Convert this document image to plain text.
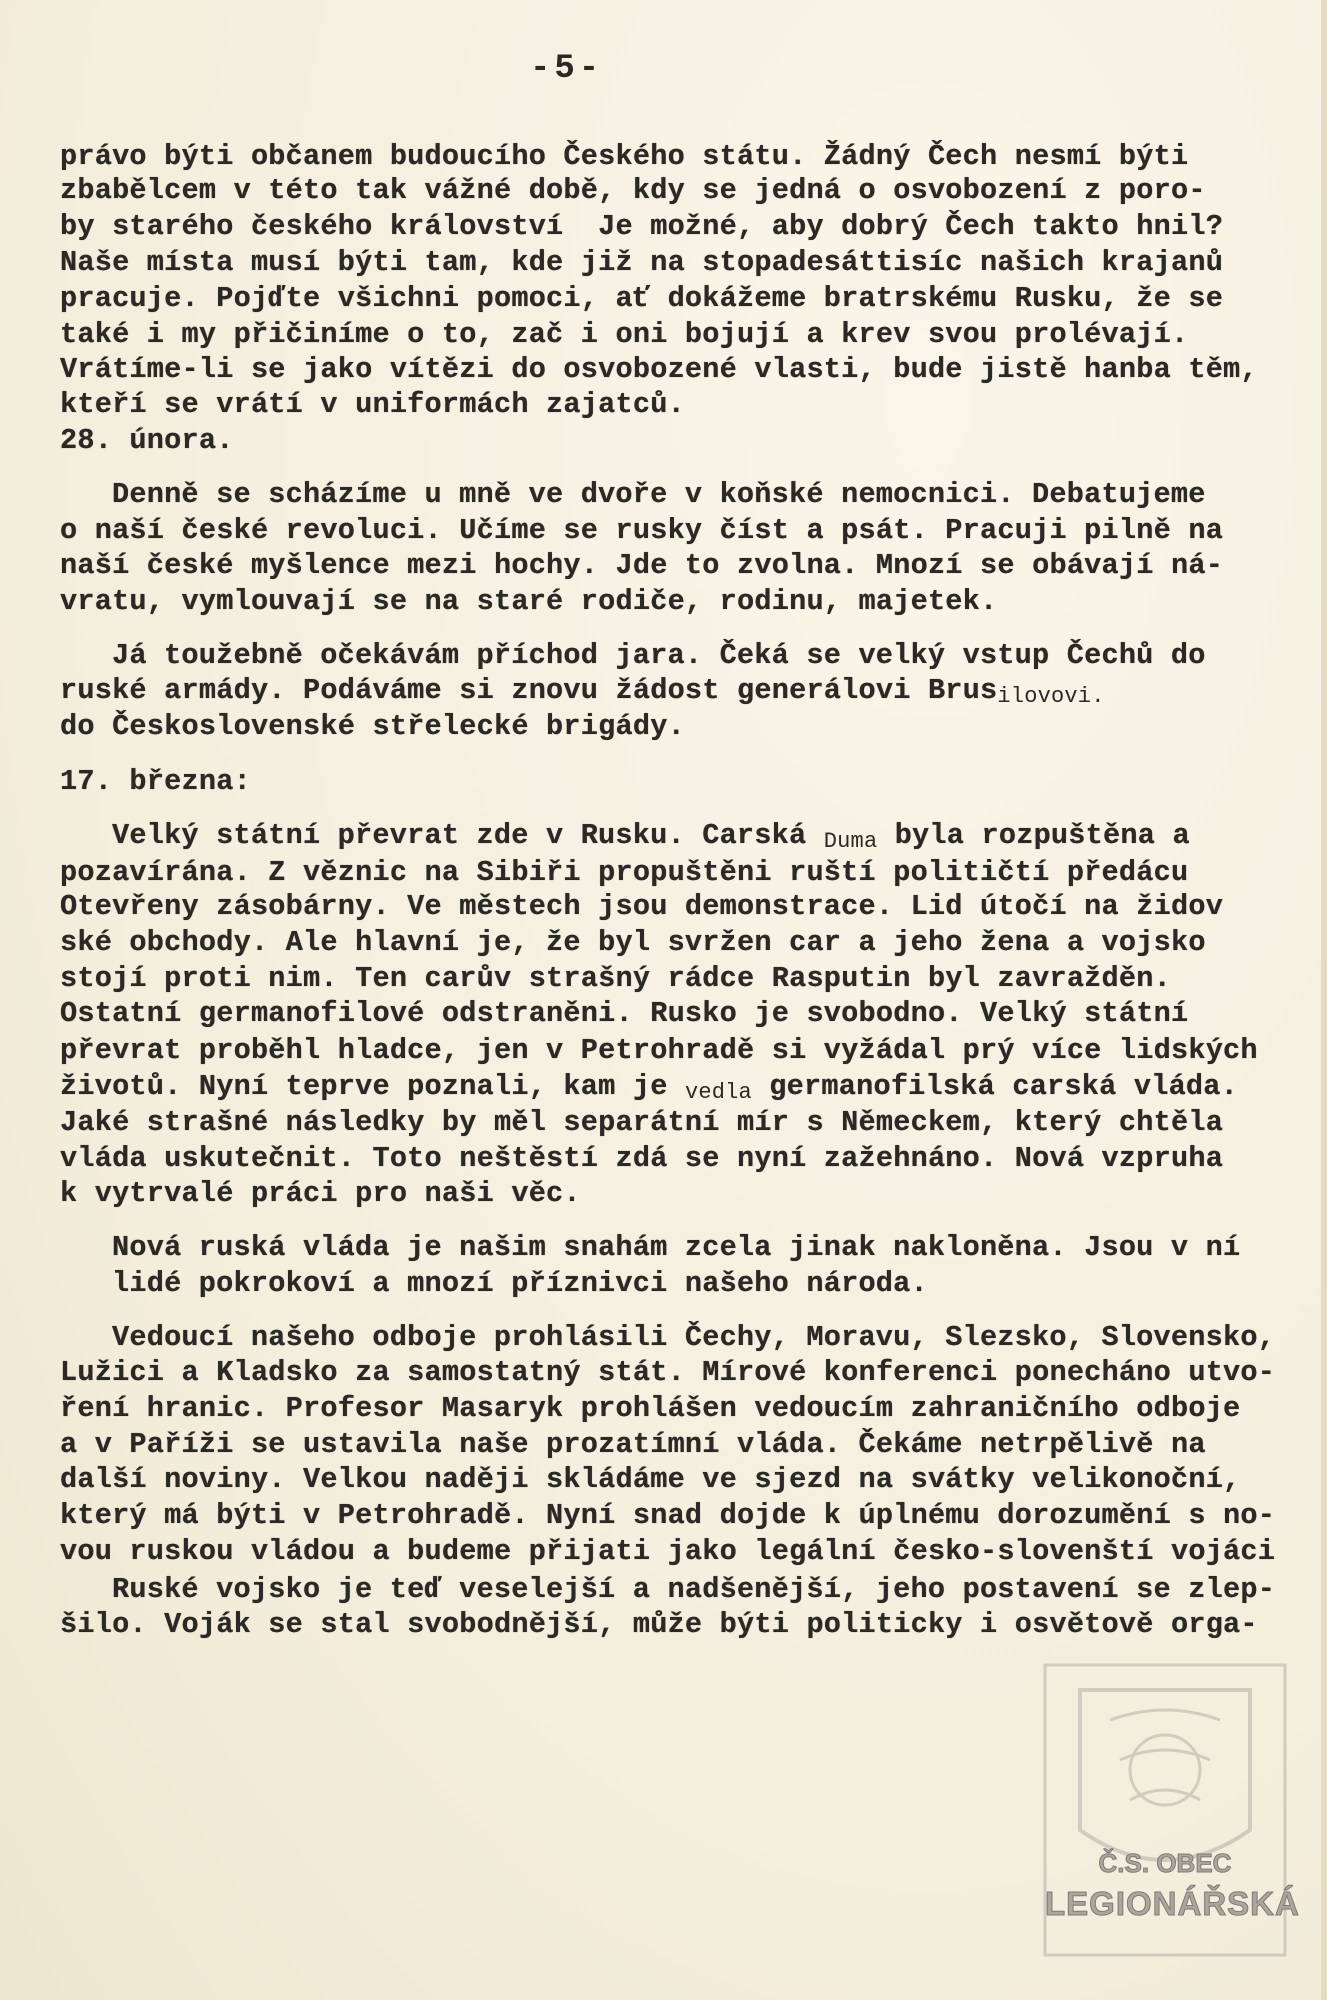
-5-
právo býti občanem budoucího Českého státu. Žádný Čech nesmí býti
zbabělcem v této tak vážné době, kdy se jedná o osvobození z poro-
by starého českého království  Je možné, aby dobrý Čech takto hnil?
Naše místa musí býti tam, kde již na stopadesáttisíc našich krajanů
pracuje. Pojďte všichni pomoci, ať dokážeme bratrskému Rusku, že se
také i my přičiníme o to, zač i oni bojují a krev svou prolévají.
Vrátíme-li se jako vítězi do osvobozené vlasti, bude jistě hanba těm,
kteří se vrátí v uniformách zajatců.
28. února.
Denně se scházíme u mně ve dvoře v koňské nemocnici. Debatujeme
o naší české revoluci. Učíme se rusky číst a psát. Pracuji pilně na
naší české myšlence mezi hochy. Jde to zvolna. Mnozí se obávají ná-
vratu, vymlouvají se na staré rodiče, rodinu, majetek.
Já toužebně očekávám příchod jara. Čeká se velký vstup Čechů do
ruské armády. Podáváme si znovu žádost generálovi Brusilovovi.
do Československé střelecké brigády.
17. března:
Velký státní převrat zde v Rusku. Carská Duma byla rozpuštěna a
pozavírána. Z věznic na Sibiři propuštěni ruští političtí předácu
Otevřeny zásobárny. Ve městech jsou demonstrace. Lid útočí na židov
ské obchody. Ale hlavní je, že byl svržen car a jeho žena a vojsko
stojí proti nim. Ten carův strašný rádce Rasputin byl zavražděn.
Ostatní germanofilové odstraněni. Rusko je svobodno. Velký státní
převrat proběhl hladce, jen v Petrohradě si vyžádal prý více lidských
životů. Nyní teprve poznali, kam je vedla germanofilská carská vláda.
Jaké strašné následky by měl separátní mír s Německem, který chtěla
vláda uskutečnit. Toto neštěstí zdá se nyní zažehnáno. Nová vzpruha
k vytrvalé práci pro naši věc.
Nová ruská vláda je našim snahám zcela jinak nakloněna. Jsou v ní
lidé pokrokoví a mnozí příznivci našeho národa.
Vedoucí našeho odboje prohlásili Čechy, Moravu, Slezsko, Slovensko,
Lužici a Kladsko za samostatný stát. Mírové konferenci ponecháno utvo-
ření hranic. Profesor Masaryk prohlášen vedoucím zahraničního odboje
a v Paříži se ustavila naše prozatímní vláda. Čekáme netrpělivě na
další noviny. Velkou naději skládáme ve sjezd na svátky velikonoční,
který má býti v Petrohradě. Nyní snad dojde k úplnému dorozumění s no-
vou ruskou vládou a budeme přijati jako legální česko-slovenští vojáci
Ruské vojsko je teď veselejší a nadšenější, jeho postavení se zlep-
šilo. Voják se stal svobodnější, může býti politicky i osvětově orga-
Č.S. OBEC
LEGIONÁŘSKÁ
